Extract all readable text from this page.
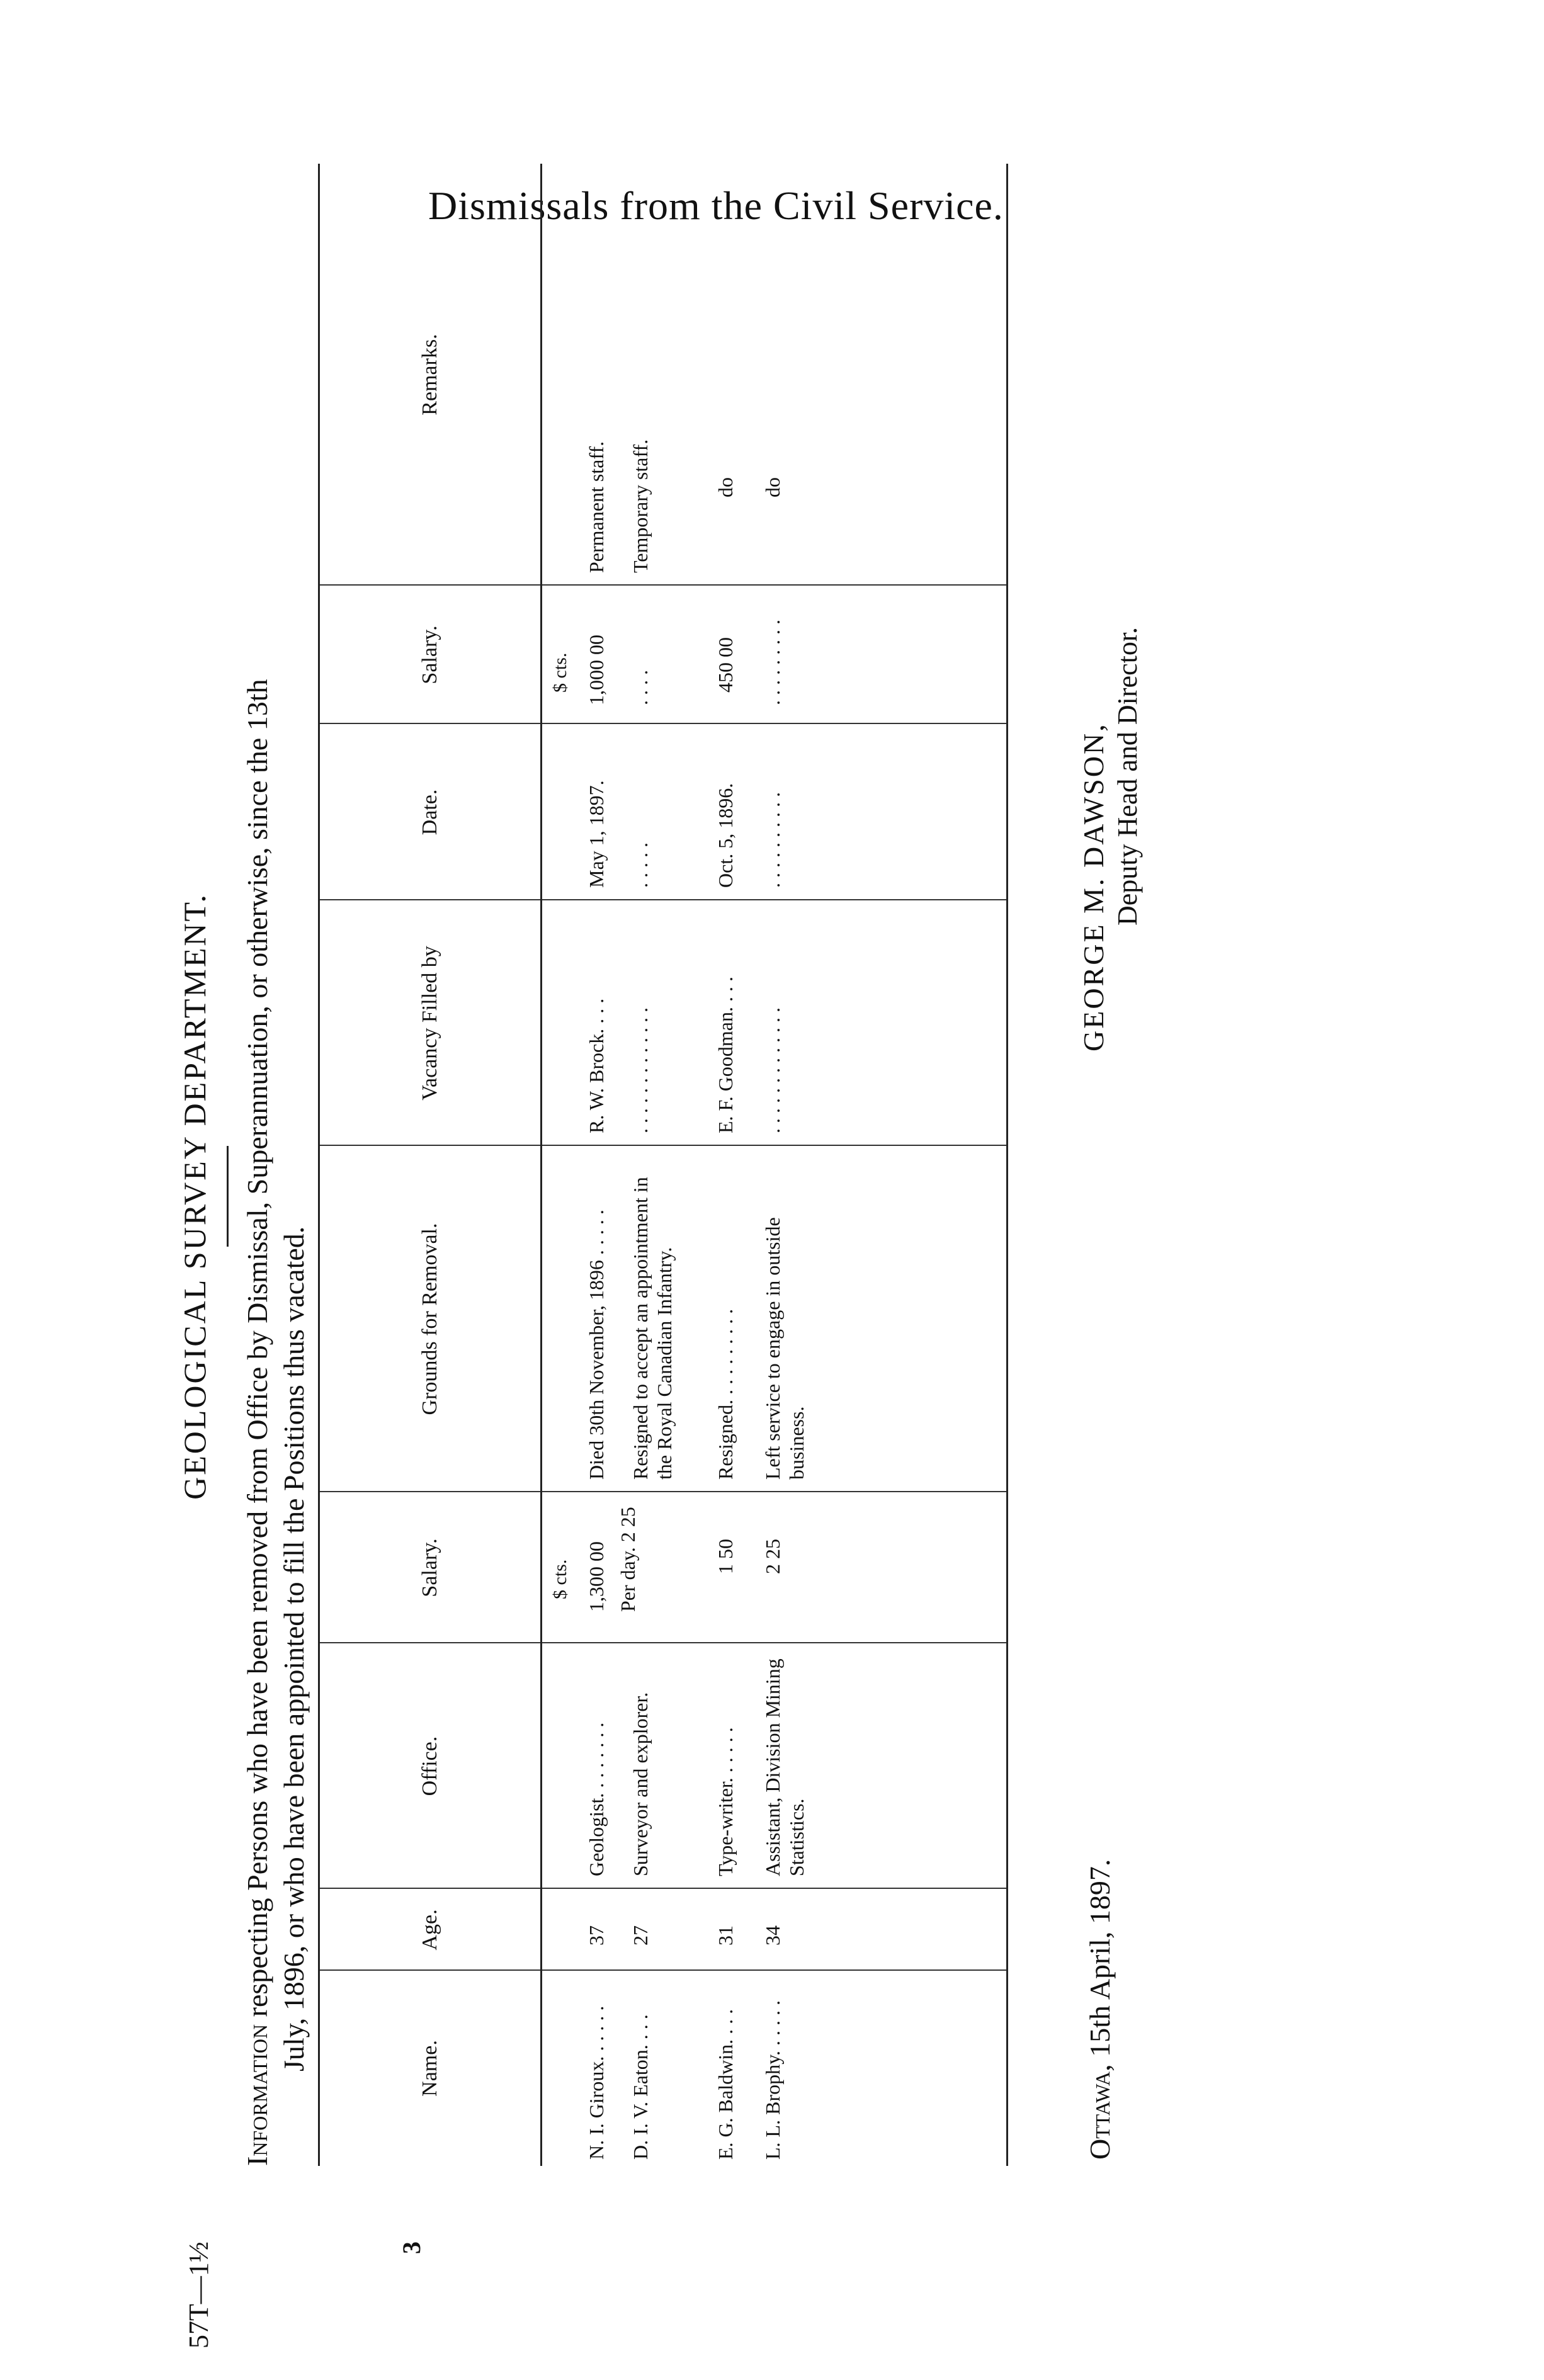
Dismissals from the Civil Service.
57T—1½	3
GEOLOGICAL SURVEY DEPARTMENT.
Information respecting Persons who have been removed from Office by Dismissal, Superannuation, or otherwise, since the 13th July, 1896, or who have been appointed to fill the Positions thus vacated.	Name.
Age.
Office.
Salary.
Grounds for Removal.
Vacancy Filled by
Date.
Salary.
Remarks.
$ cts.
$ cts.
N. I. Giroux. . . . . .
37
Geologist. . . . . . . .
1,300 00
Died 30th November, 1896 . . . . .
R. W. Brock. . . .
May 1, 1897.
1,000 00
Permanent staff.
D. I. V. Eaton. . . .
27
Surveyor and explorer.
Per day. 2 25
Resigned to accept an appointment in the Royal Canadian Infantry.
. . . . . . . . . . . . .
. . . . .
. . . .
Temporary staff.
E. G. Baldwin. . . .
31
Type-writer. . . . . .
1 50
Resigned. . . . . . . . . .
E. F. Goodman. . . .
Oct. 5, 1896.
450 00
do
L. L. Brophy. . . . . .
34
Assistant, Division Mining Statistics.
2 25
Left service to engage in outside business.
. . . . . . . . . . . . .
. . . . . . . . . .
. . . . . . . . .
do
GEORGE M. DAWSON, Deputy Head and Director.
Ottawa, 15th April, 1897.
